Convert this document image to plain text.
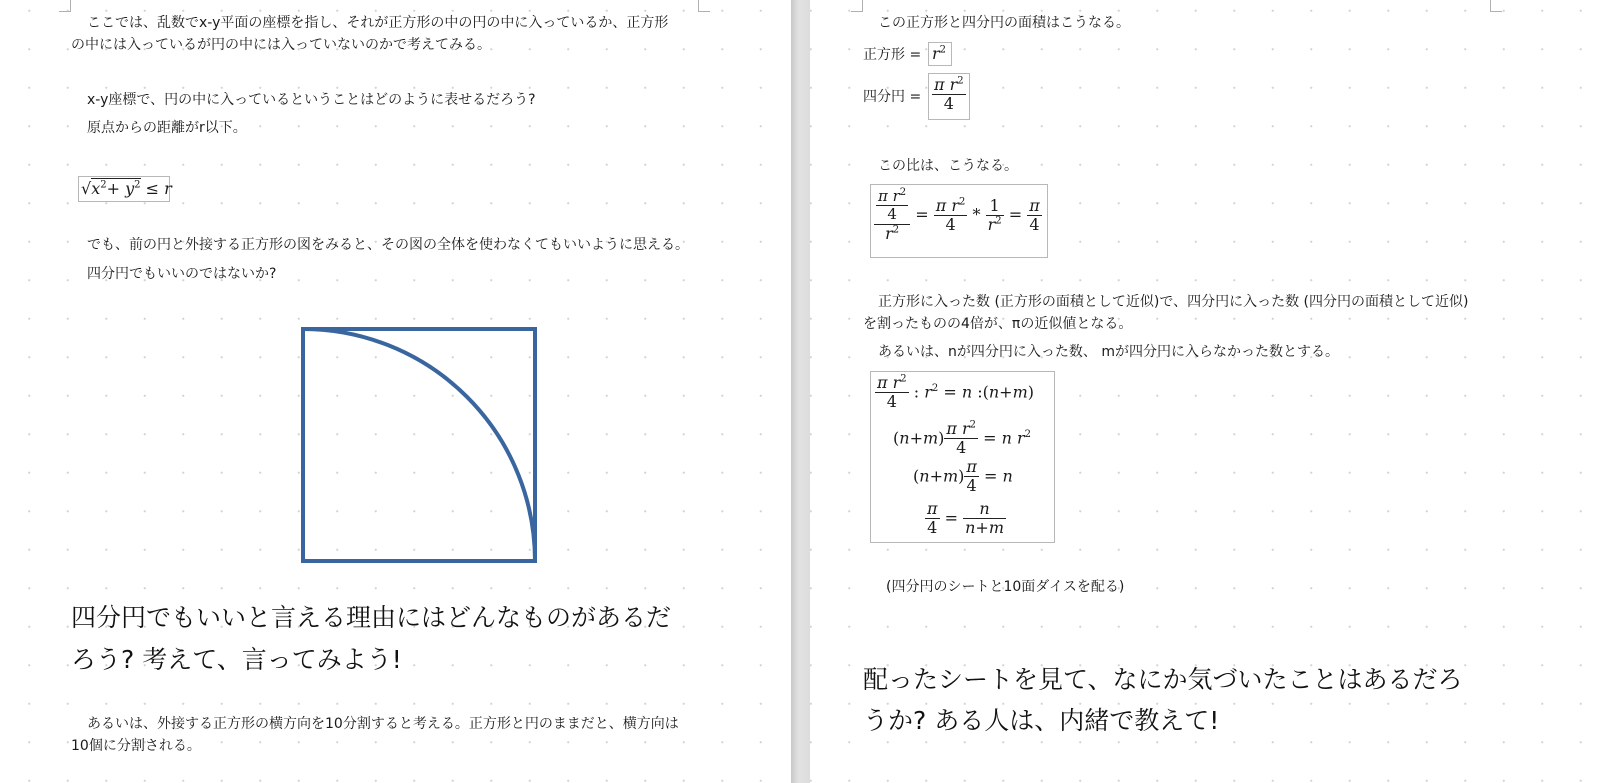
ここでは、乱数でx-y平面の座標を指し、それが正方形の中の円の中に入っているか、正方形
の中には入っているが円の中には入っていないのかで考えてみる。
x-y座標で、円の中に入っているということはどのように表せるだろう?
原点からの距離がr以下。
$√x^2+ y^2 \le r$
でも、前の円と外接する正方形の図をみると、その図の全体を使わなくてもいいように思える。
四分円でもいいのではないか?
四分円でもいいと言える理由にはどんなものがあるだ
ろう? 考えて、言ってみよう!
あるいは、外接する正方形の横方向を10分割すると考える。正方形と円のままだと、横方向は
10個に分割される。
この正方形と四分円の面積はこうなる。
正方形 = $r^2$
四分円 = $\frac{\pi r^2}{4}$
この比は、こうなる。
$\frac{\frac{\pi r^2}{4}}{r^2} = \frac{\pi r^2}{4} * \frac{1}{r^2} = \frac{\pi}{4}$
正方形に入った数 (正方形の面積として近似)で、四分円に入った数 (四分円の面積として近似)
を割ったものの4倍が、πの近似値となる。
あるいは、nが四分円に入った数、 mが四分円に入らなかった数とする。
$\frac{\pi r^2}{4}$ : $r^2 = n$ :(n+m)
$(n+m) \frac{\pi r^2}{4} = n$ $r^2$
$(n+m) \frac{\pi}{4} = n$
$\frac{\pi}{4} = \frac{n}{n+m}$
(四分円のシートと10面ダイスを配る)
配ったシートを見て、なにか気づいたことはあるだろ
うか? ある人は、内緒で教えて!
